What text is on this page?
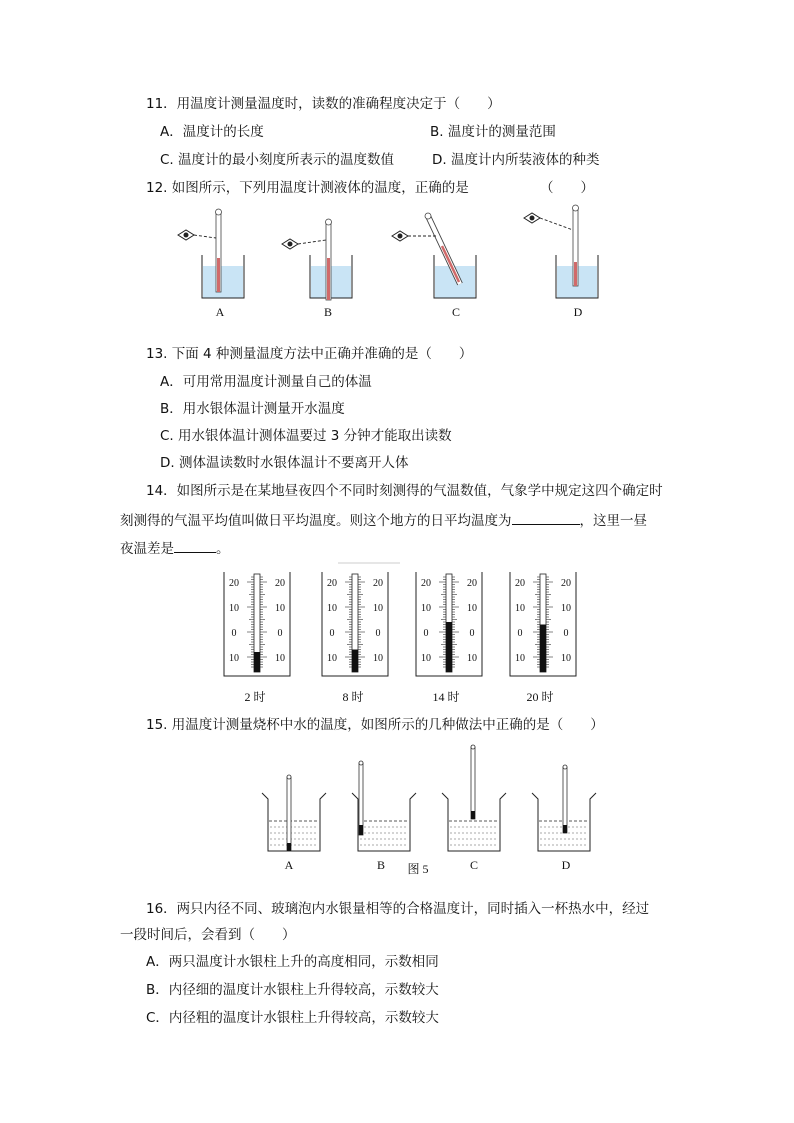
11．用温度计测量温度时，读数的准确程度决定于（　　）
A．温度计的长度	B. 温度计的测量范围
C. 温度计的最小刻度所表示的温度数值	D. 温度计内所装液体的种类
12. 如图所示，下列用温度计测液体的温度，正确的是	（　　）
A	B	C	D
13. 下面 4 种测量温度方法中正确并准确的是（　　）
A．可用常用温度计测量自己的体温
B．用水银体温计测量开水温度
C. 用水银体温计测体温要过 3 分钟才能取出读数
D. 测体温读数时水银体温计不要离开人体
14．如图所示是在某地昼夜四个不同时刻测得的气温数值，气象学中规定这四个确定时
刻测得的气温平均值叫做日平均温度。则这个地方的日平均温度为	，这里一昼
夜温差是	。
20	20
10	10
0	0
10	10
20	20
10	10
0	0
10	10
20	20
10	10
0	0
10	10
20	20
10	10
0	0
10	10
2 时	8 时	14 时	20 时
15. 用温度计测量烧杯中水的温度，如图所示的几种做法中正确的是（　　）
A	B	图 5	C	D
16．两只内径不同、玻璃泡内水银量相等的合格温度计，同时插入一杯热水中，经过
一段时间后，会看到（　　）
A．两只温度计水银柱上升的高度相同，示数相同
B．内径细的温度计水银柱上升得较高，示数较大
C．内径粗的温度计水银柱上升得较高，示数较大
